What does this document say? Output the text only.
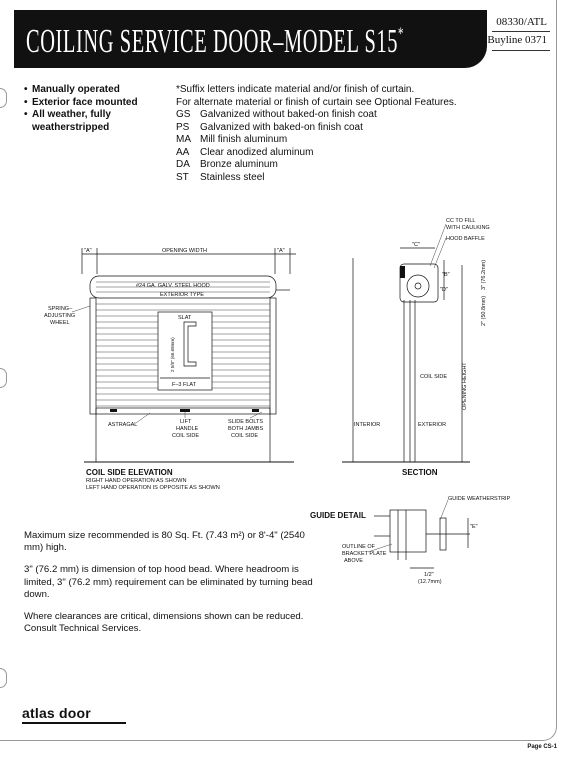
COILING SERVICE DOOR–MODEL S15*
08330/ATL
Buyline 0371
• Manually operated
• Exterior face mounted
• All weather, fully
weatherstripped
*Suffix letters indicate material and/or finish of curtain.
For alternate material or finish of curtain see Optional Features.
GS Galvanized without baked-on finish coat
PS	Galvanized with baked-on finish coat
MA Mill finish aluminum
AA	Clear anodized aluminum
DA	Bronze aluminum
ST	Stainless steel
"A"	OPENING WIDTH	"A"
#24 GA. GALV. STEEL HOOD
EXTERIOR TYPE
SPRING–
ADJUSTING
WHEEL
SLAT
2 5/8" (66.68mm)
F–3 FLAT
ASTRAGAL	LIFT
HANDLE
COIL SIDE
SLIDE BOLTS
BOTH JAMBS
COIL SIDE
CC TO FILL
WITH CAULKING
HOOD BAFFLE
"C"
"B"
"D"	3" (76.2mm)
2" (50.8mm)
COIL SIDE	OPENING HEIGHT
INTERIOR	EXTERIOR
GUIDE WEATHERSTRIP
OUTLINE OF
BRACKET PLATE
ABOVE
"E"
1/2"
(12.7mm)
COIL SIDE ELEVATION
RIGHT HAND OPERATION AS SHOWN
LEFT HAND OPERATION IS OPPOSITE AS SHOWN
SECTION
GUIDE DETAIL

Maximum size recommended is 80 Sq. Ft. (7.43 m²) or 8'-4" (2540 mm) high.

3" (76.2 mm) is dimension of top hood bead. Where headroom is limited, 3" (76.2 mm) requirement can be eliminated by turning bead down.

Where clearances are critical, dimensions shown can be reduced. Consult Technical Services.

atlas door
Page CS-1
